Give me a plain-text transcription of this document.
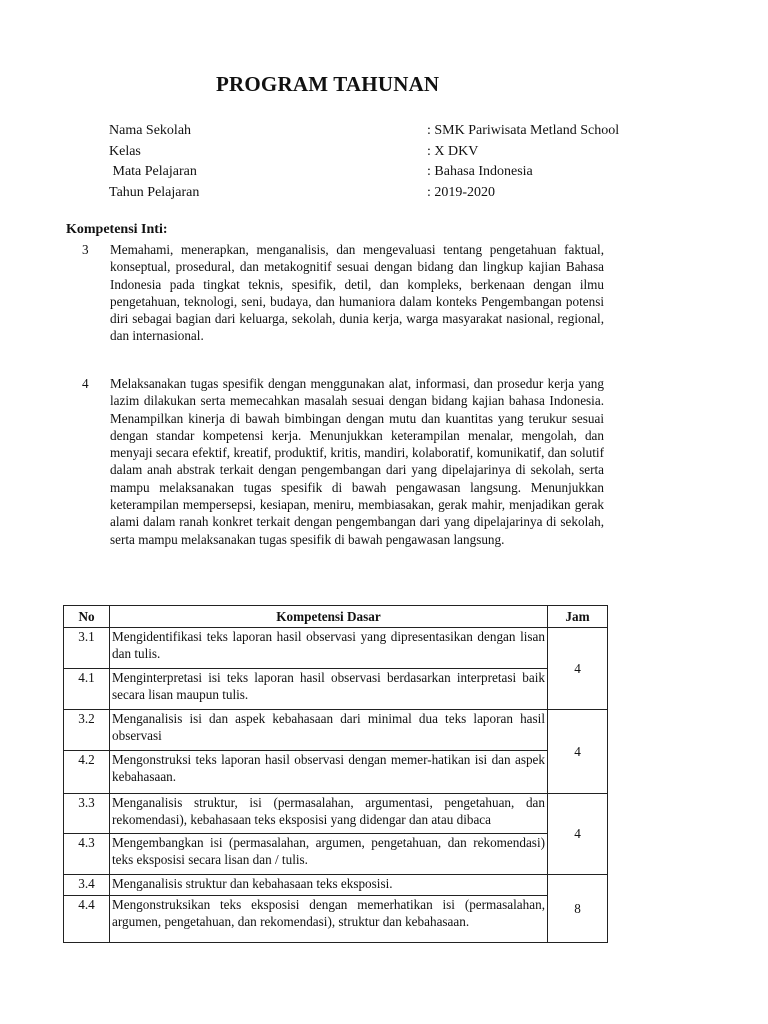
PROGRAM TAHUNAN
Nama Sekolah	: SMK Pariwisata Metland School
Kelas	: X DKV
Mata Pelajaran	: Bahasa Indonesia
Tahun Pelajaran	: 2019-2020
Kompetensi Inti:
3 Memahami, menerapkan, menganalisis, dan mengevaluasi tentang pengetahuan faktual, konseptual, prosedural, dan metakognitif sesuai dengan bidang dan lingkup kajian Bahasa Indonesia pada tingkat teknis, spesifik, detil, dan kompleks, berkenaan dengan ilmu pengetahuan, teknologi, seni, budaya, dan humaniora dalam konteks Pengembangan potensi diri sebagai bagian dari keluarga, sekolah, dunia kerja, warga masyarakat nasional, regional, dan internasional.
4 Melaksanakan tugas spesifik dengan menggunakan alat, informasi, dan prosedur kerja yang lazim dilakukan serta memecahkan masalah sesuai dengan bidang kajian bahasa Indonesia. Menampilkan kinerja di bawah bimbingan dengan mutu dan kuantitas yang terukur sesuai dengan standar kompetensi kerja. Menunjukkan keterampilan menalar, mengolah, dan menyaji secara efektif, kreatif, produktif, kritis, mandiri, kolaboratif, komunikatif, dan solutif dalam anah abstrak terkait dengan pengembangan dari yang dipelajarinya di sekolah, serta mampu melaksanakan tugas spesifik di bawah pengawasan langsung. Menunjukkan keterampilan mempersepsi, kesiapan, meniru, membiasakan, gerak mahir, menjadikan gerak alami dalam ranah konkret terkait dengan pengembangan dari yang dipelajarinya di sekolah, serta mampu melaksanakan tugas spesifik di bawah pengawasan langsung.
No	Kompetensi Dasar	Jam
3.1	Mengidentifikasi teks laporan hasil observasi yang dipresentasikan dengan lisan dan tulis.	4
4.1	Menginterpretasi isi teks laporan hasil observasi berdasarkan interpretasi baik secara lisan maupun tulis.	
3.2	Menganalisis isi dan aspek kebahasaan dari minimal dua teks laporan hasil observasi	4
4.2	Mengonstruksi teks laporan hasil observasi dengan memer-hatikan isi dan aspek kebahasaan.	
3.3	Menganalisis struktur, isi (permasalahan, argumentasi, pengetahuan, dan rekomendasi), kebahasaan teks eksposisi yang didengar dan atau dibaca	4
4.3	Mengembangkan isi (permasalahan, argumen, pengetahuan, dan rekomendasi) teks eksposisi secara lisan dan / tulis.	
3.4	Menganalisis struktur dan kebahasaan teks eksposisi.	8
4.4	Mengonstruksikan teks eksposisi dengan memerhatikan isi (permasalahan, argumen, pengetahuan, dan rekomendasi), struktur dan kebahasaan.	
